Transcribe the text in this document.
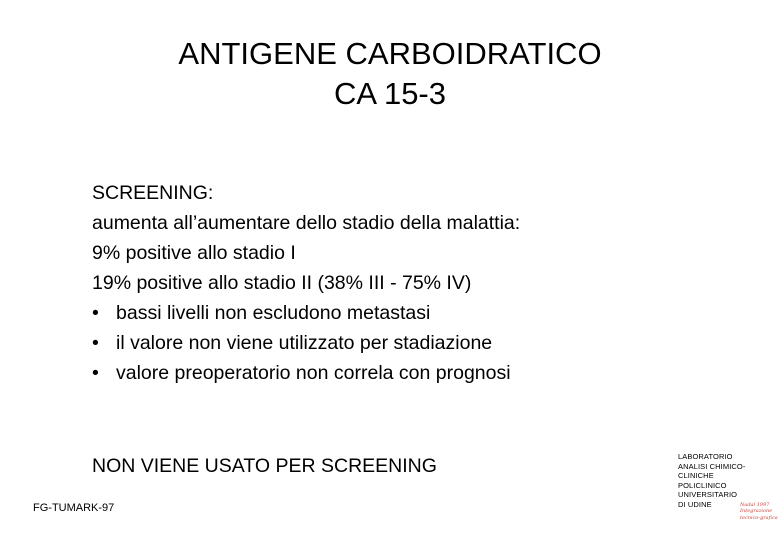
ANTIGENE CARBOIDRATICO
CA 15-3
SCREENING:
aumenta all’aumentare dello stadio della malattia:
9% positive allo stadio I
19% positive allo stadio II (38% III - 75% IV)
• bassi livelli non escludono metastasi
• il valore non viene utilizzato per stadiazione
• valore preoperatorio non correla con prognosi
NON VIENE USATO PER SCREENING
FG-TUMARK-97
LABORATORIO
ANALISI CHIMICO-
CLINICHE
POLICLINICO
UNIVERSITARIO
DI UDINE	Nadal 1997
Integrazione
tecnico-grafica
